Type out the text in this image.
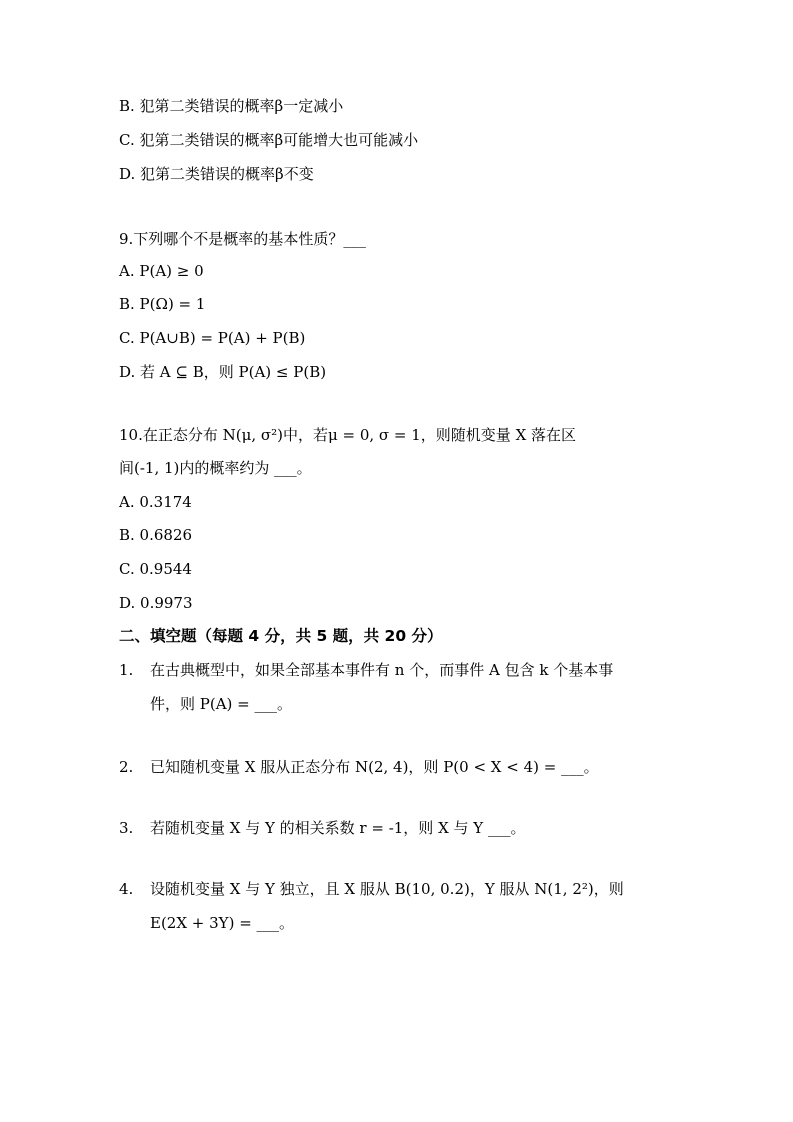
B. 犯第二类错误的概率β一定减小
C. 犯第二类错误的概率β可能增大也可能减小
D. 犯第二类错误的概率β不变
9.下列哪个不是概率的基本性质？___
A. P(A) ≥ 0
B. P(Ω) = 1
C. P(A∪B) = P(A) + P(B)
D. 若 A ⊆ B，则 P(A) ≤ P(B)
10.在正态分布 N(μ, σ²)中，若μ = 0, σ = 1，则随机变量 X 落在区
间(-1, 1)内的概率约为 ___。
A. 0.3174
B. 0.6826
C. 0.9544
D. 0.9973
二、填空题（每题 4 分，共 5 题，共 20 分）
1. 在古典概型中，如果全部基本事件有 n 个，而事件 A 包含 k 个基本事
件，则 P(A) = ___。
2. 已知随机变量 X 服从正态分布 N(2, 4)，则 P(0 < X < 4) = ___。
3. 若随机变量 X 与 Y 的相关系数 r = -1，则 X 与 Y ___。
4. 设随机变量 X 与 Y 独立，且 X 服从 B(10, 0.2)，Y 服从 N(1, 2²)，则
E(2X + 3Y) = ___。
